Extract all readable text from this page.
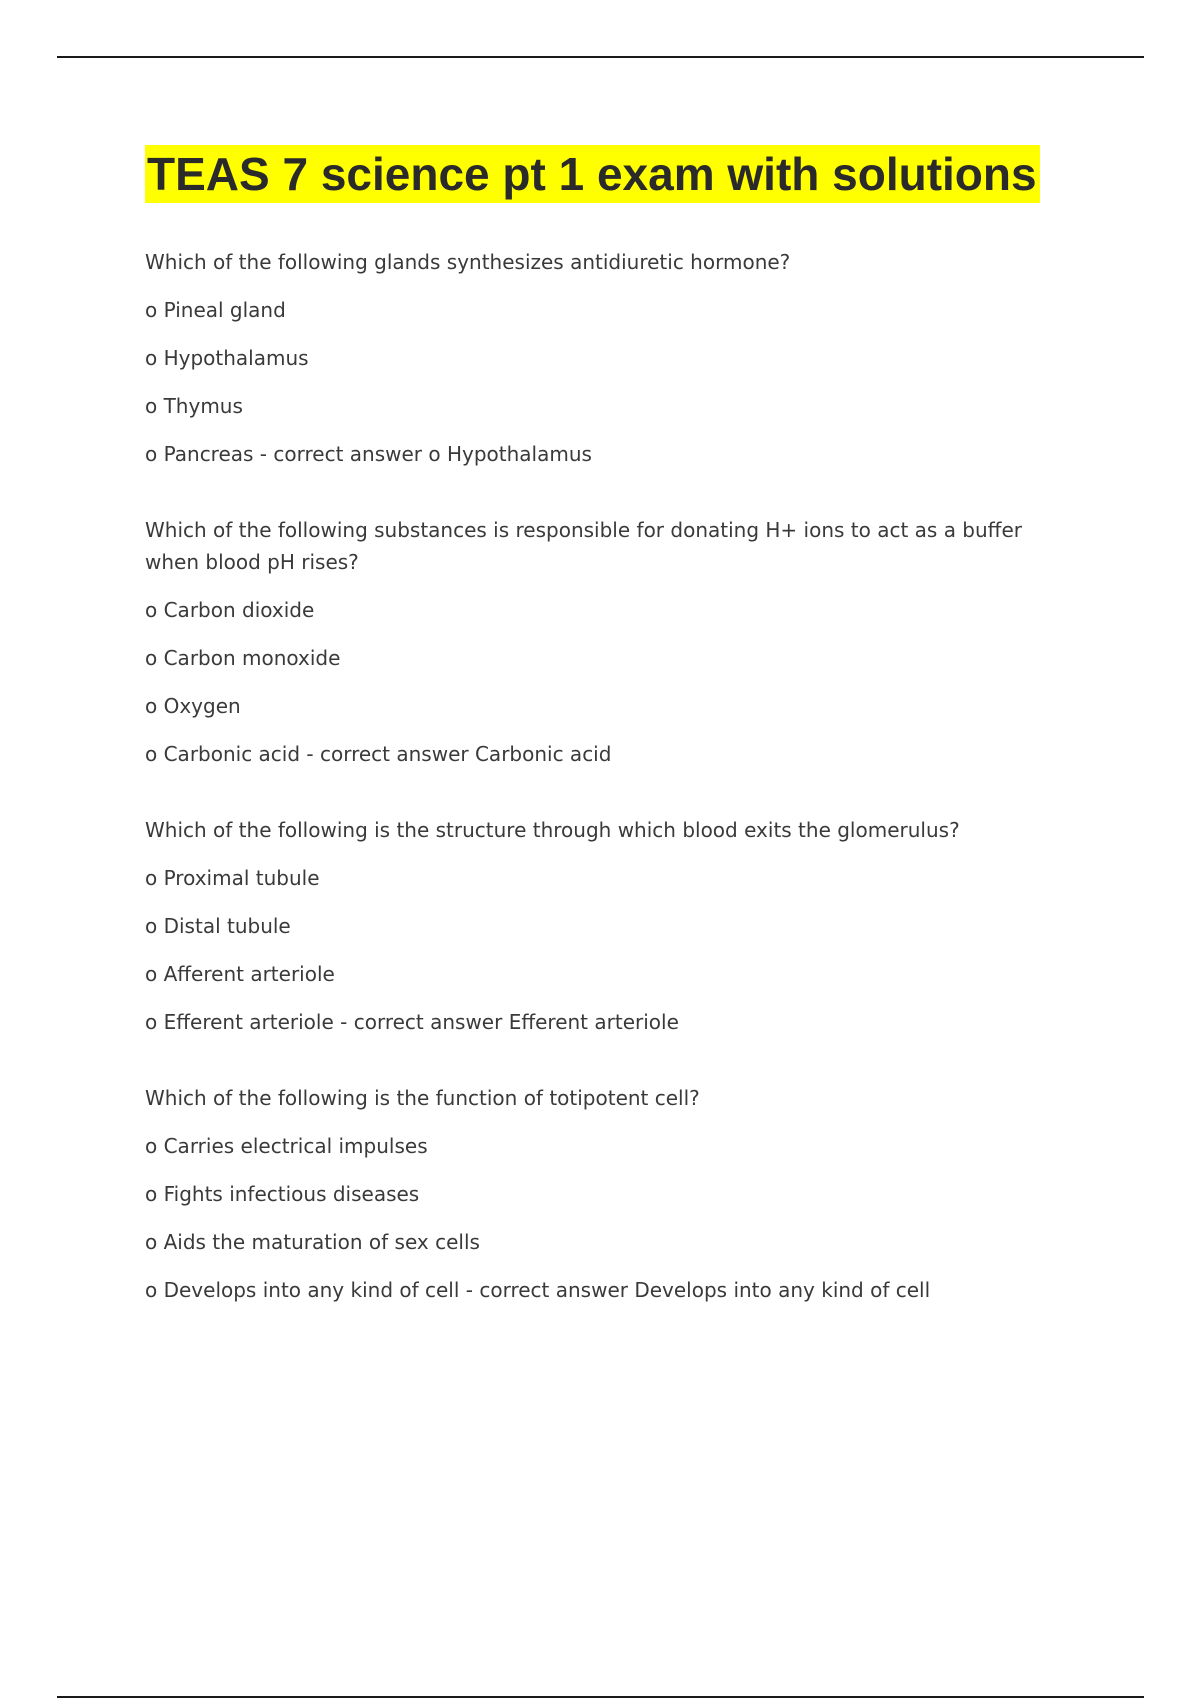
TEAS 7 science pt 1 exam with solutions

Which of the following glands synthesizes antidiuretic hormone?

o Pineal gland

o Hypothalamus

o Thymus

o Pancreas - correct answer o Hypothalamus

Which of the following substances is responsible for donating H+ ions to act as a buffer when blood pH rises?

o Carbon dioxide

o Carbon monoxide

o Oxygen

o Carbonic acid - correct answer Carbonic acid

Which of the following is the structure through which blood exits the glomerulus?

o Proximal tubule

o Distal tubule

o Afferent arteriole

o Efferent arteriole - correct answer Efferent arteriole

Which of the following is the function of totipotent cell?

o Carries electrical impulses

o Fights infectious diseases

o Aids the maturation of sex cells

o Develops into any kind of cell - correct answer Develops into any kind of cell
